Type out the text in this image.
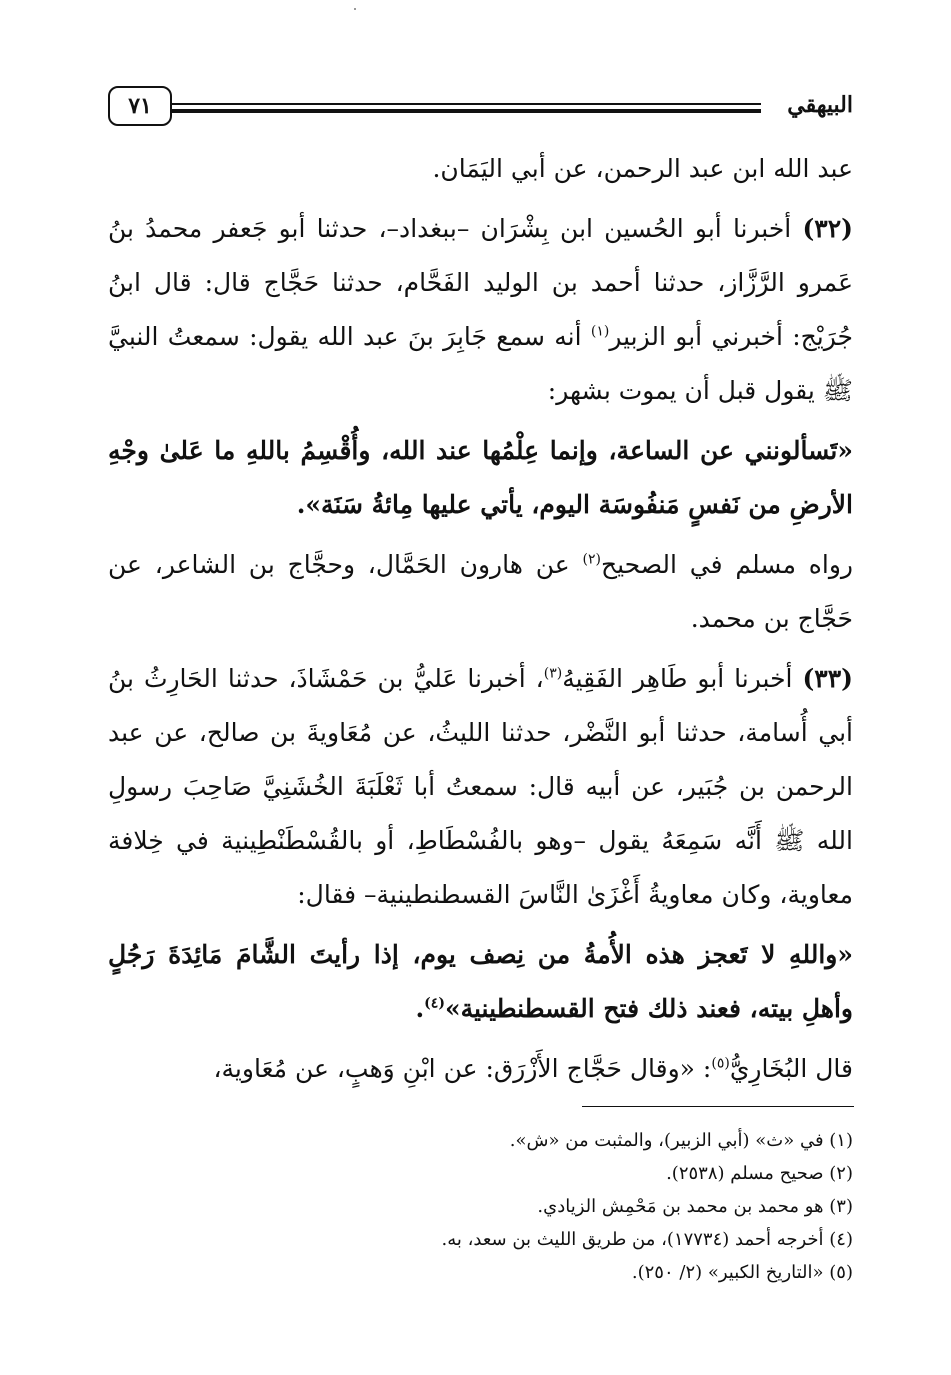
٧١	البيهقي

عبد الله ابن عبد الرحمن، عن أبي اليَمَان.

(٣٢) أخبرنا أبو الحُسين ابن بِشْرَان –ببغداد–، حدثنا أبو جَعفر محمدُ بنُ عَمرو الرَّزَّاز، حدثنا أحمد بن الوليد الفَحَّام، حدثنا حَجَّاج قال: قال ابنُ جُرَيْج: أخبرني أبو الزبير$^{(١)}$ أنه سمع جَابِرَ بنَ عبد الله يقول: سمعتُ النبيَّ ﷺ يقول قبل أن يموت بشهر:

«تَسألونني عن الساعة، وإنما عِلْمُها عند الله، وأُقْسِمُ باللهِ ما عَلىٰ وجْهِ الأرضِ من نَفسٍ مَنفُوسَة اليوم، يأتي عليها مِائةُ سَنَة».

رواه مسلم في الصحيح$^{(٢)}$ عن هارون الحَمَّال، وحجَّاج بن الشاعر، عن حَجَّاج بن محمد.

(٣٣) أخبرنا أبو طَاهِر الفَقِيهُ$^{(٣)}$، أخبرنا عَليُّ بن حَمْشَاذَ، حدثنا الحَارِثُ بنُ أبي أُسامة، حدثنا أبو النَّضْر، حدثنا الليثُ، عن مُعَاويةَ بن صالح، عن عبد الرحمن بن جُبَير، عن أبيه قال: سمعتُ أبا ثَعْلَبَةَ الخُشَنِيَّ صَاحِبَ رسولِ الله ﷺ أَنَّه سَمِعَهُ يقول –وهو بالفُسْطَاطِ، أو بالقُسْطَنْطِينية في خِلافة معاوية، وكان معاويةُ أَغْزَىٰ النَّاسَ القسطنطينية– فقال:

«واللهِ لا تَعجز هذه الأُمةُ من نِصف يوم، إذا رأيتَ الشَّامَ مَائِدَةَ رَجُلٍ وأهلِ بيته، فعند ذلك فتح القسطنطينية»$^{(٤)}$.

قال البُخَارِيُّ$^{(٥)}$: «وقال حَجَّاج الأَزْرَق: عن ابْنِ وَهبٍ، عن مُعَاوية،

(١) في «ث» (أبي الزبير)، والمثبت من «ش».
(٢) صحيح مسلم (٢٥٣٨).
(٣) هو محمد بن محمد بن مَحْمِش الزيادي.
(٤) أخرجه أحمد (١٧٧٣٤)، من طريق الليث بن سعد، به.
(٥) «التاريخ الكبير» (٢/ ٢٥٠).
